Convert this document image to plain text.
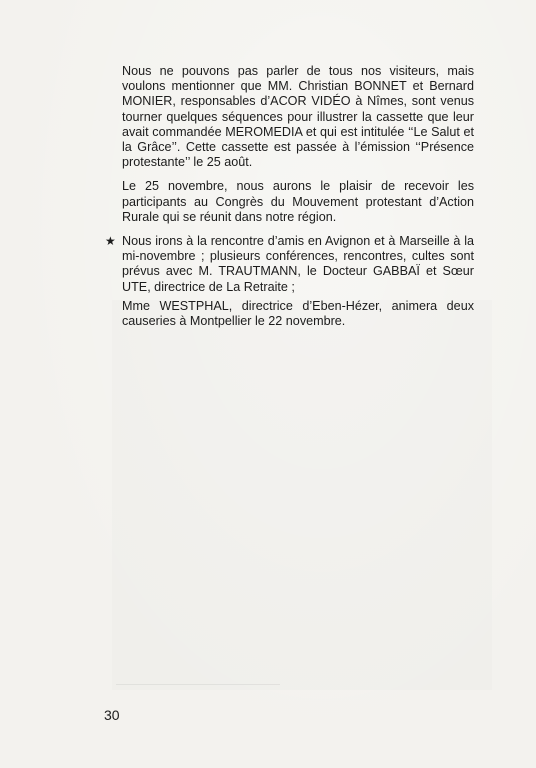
Nous ne pouvons pas parler de tous nos visiteurs, mais voulons mentionner que MM. Christian BONNET et Bernard MONIER, responsables d’ACOR VIDÉO à Nîmes, sont venus tourner quelques séquences pour illustrer la cassette que leur avait commandée MEROMEDIA et qui est intitulée ‘‘Le Salut et la Grâce’’. Cette cassette est passée à l’émission ‘‘Présence protestante’’ le 25 août.

Le 25 novembre, nous aurons le plaisir de recevoir les participants au Congrès du Mouvement protestant d’Action Rurale qui se réunit dans notre région.

★ Nous irons à la rencontre d’amis en Avignon et à Marseille à la mi-novembre ; plusieurs conférences, rencontres, cultes sont prévus avec M. TRAUTMANN, le Docteur GABBAÏ et Sœur UTE, directrice de La Retraite ;

Mme WESTPHAL, directrice d’Eben-Hézer, animera deux causeries à Montpellier le 22 novembre.

30
